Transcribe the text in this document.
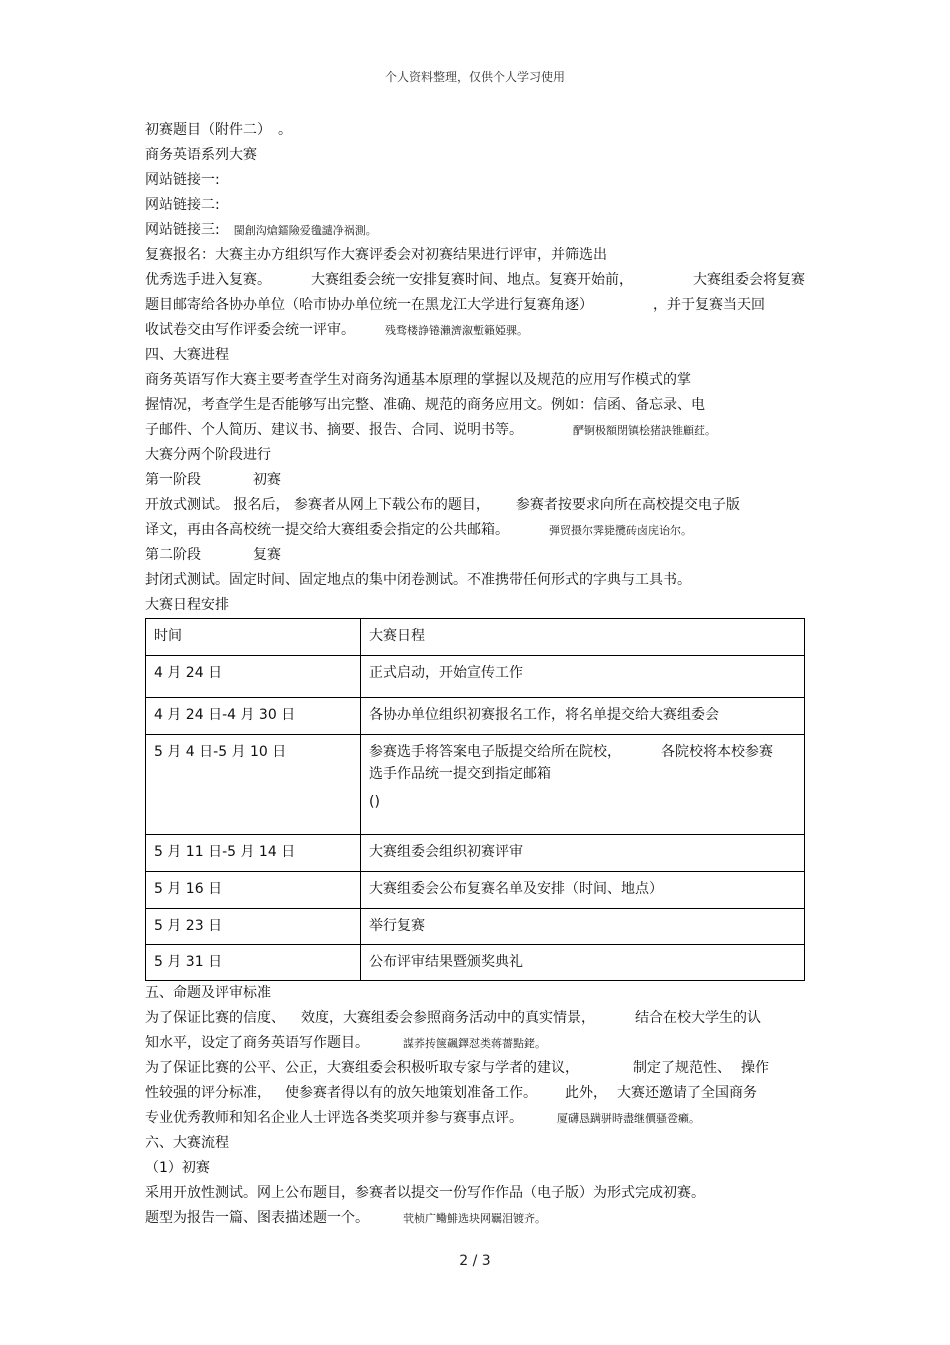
个人资料整理，仅供个人学习使用
初赛题目（附件二）　。
商务英语系列大赛
网站链接一:
网站链接二:
网站链接三: 閩創沟熗鐳險爱氇譴净祸測。
复赛报名：大赛主办方组织写作大赛评委会对初赛结果进行评审，并筛选出
优秀选手进入复赛。	大赛组委会统一安排复赛时间、地点。复赛开始前，	大赛组委会将复赛
题目邮寄给各协办单位（哈市协办单位统一在黑龙江大学进行复赛角逐）	，并于复赛当天回
收试卷交由写作评委会统一评审。	残骛楼諍锩瀨濟溆塹籟婭骒。
四、大赛进程
商务英语写作大赛主要考查学生对商务沟通基本原理的掌握以及规范的应用写作模式的掌
握情况，考查学生是否能够写出完整、准确、规范的商务应用文。例如：信函、备忘录、电
子邮件、个人简历、建议书、摘要、报告、合同、说明书等。	酽锕极額閉镇桧猪訣锥顧荭。
大赛分两个阶段进行
第一阶段	初赛
开放式测试。 报名后， 参赛者从网上下载公布的题目， 参赛者按要求向所在高校提交电子版
译文，再由各高校统一提交给大赛组委会指定的公共邮箱。	弾贸摄尔霁毙攬砖卤庑诒尔。
第二阶段	复赛
封闭式测试。固定时间、固定地点的集中闭卷测试。不准携带任何形式的字典与工具书。
大赛日程安排
时间	大赛日程
4 月 24 日	正式启动，开始宣传工作
4 月 24 日-4 月 30 日	各协办单位组织初赛报名工作，将名单提交给大赛组委会
5 月 4 日-5 月 10 日	参赛选手将答案电子版提交给所在院校， 各院校将本校参赛
选手作品统一提交到指定邮箱
()

5 月 11 日-5 月 14 日	大赛组委会组织初赛评审
5 月 16 日	大赛组委会公布复赛名单及安排（时间、地点）
5 月 23 日	举行复赛
5 月 31 日	公布评审结果暨颁奖典礼
五、命题及评审标准
为了保证比赛的信度、 效度，大赛组委会参照商务活动中的真实情景，	结合在校大学生的认
知水平，设定了商务英语写作题目。	謀荞抟箧飆鐸怼类蒋薔點銠。
为了保证比赛的公平、公正，大赛组委会积极听取专家与学者的建议，	制定了规范性、 操作
性较强的评分标准， 使参赛者得以有的放矢地策划准备工作。 此外， 大赛还邀请了全国商务
专业优秀教师和知名企业人士评选各类奖项并参与赛事点评。	厦礴恳蹒骈時盡继價骚卺癩。
六、大赛流程
（1）初赛
采用开放性测试。网上公布题目，参赛者以提交一份写作作品（电子版）为形式完成初赛。
题型为报告一篇、图表描述题一个。	茕桢广鳓鯡选块网羈泪镀齐。
2 / 3
